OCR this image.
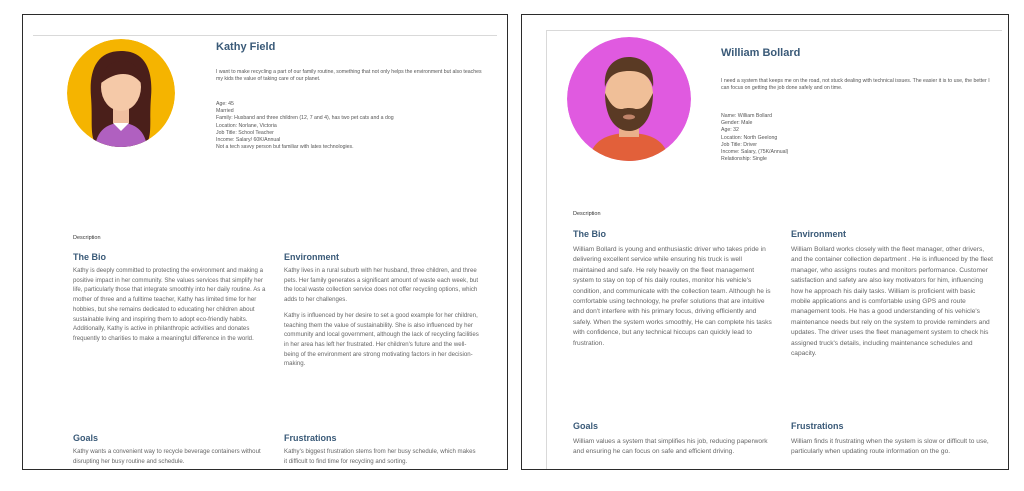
Kathy Field
I want to make recycling a part of our family routine, something that not only helps the environment but also teaches my kids the value of taking care of our planet.
Age: 45
Married
Family: Husband and three children (12, 7 and 4), has two pet cats and a dog
Location: Norlane, Victoria
Job Title: School Teacher
Income: Salary/ 60K/Annual
Not a tech savvy person but familiar with lates technologies.
Description
The Bio
Kathy is deeply committed to protecting the environment and making a positive impact in her community. She values services that simplify her life, particularly those that integrate smoothly into her daily routine. As a mother of three and a fulltime teacher, Kathy has limited time for her hobbies, but she remains dedicated to educating her children about sustainable living and inspiring them to adopt eco-friendly habits. Additionally, Kathy is active in philanthropic activities and donates frequently to charities to make a meaningful difference in the world.
Environment
Kathy lives in a rural suburb with her husband, three children, and three pets. Her family generates a significant amount of waste each week, but the local waste collection service does not offer recycling options, which adds to her challenges.
Kathy is influenced by her desire to set a good example for her children, teaching them the value of sustainability. She is also influenced by her community and local government, although the lack of recycling facilities in her area has left her frustrated. Her children's future and the well-being of the environment are strong motivating factors in her decision-making.
Goals
Kathy wants a convenient way to recycle beverage containers without disrupting her busy routine and schedule.
Frustrations
Kathy's biggest frustration stems from her busy schedule, which makes it difficult to find time for recycling and sorting.
William Bollard
I need a system that keeps me on the road, not stuck dealing with technical issues. The easier it is to use, the better I can focus on getting the job done safely and on time.
Name: William Bollard
Gender: Male
Age: 32
Location: North Geelong
Job Title: Driver
Income: Salary, (75K/Annual)
Relationship: Single
Description
The Bio
William Bollard is young and enthusiastic driver who takes pride in delivering excellent service while ensuring his truck is well maintained and safe. He rely heavily on the fleet management system to stay on top of his daily routes, monitor his vehicle's condition, and communicate with the collection team. Although he is comfortable using technology, he prefer solutions that are intuitive and don't interfere with his primary focus, driving efficiently and safely. When the system works smoothly, He can complete his tasks with confidence, but any technical hiccups can quickly lead to frustration.
Environment
William Bollard works closely with the fleet manager, other drivers, and the container collection department . He is influenced by the fleet manager, who assigns routes and monitors performance. Customer satisfaction and safety are also key motivators for him, influencing how he approach his daily tasks. William is proficient with basic mobile applications and is comfortable using GPS and route management tools. He has a good understanding of his vehicle's maintenance needs but rely on the system to provide reminders and updates. The driver uses the fleet management system to check his assigned truck's details, including maintenance schedules and capacity.
Goals
William values a system that simplifies his job, reducing paperwork and ensuring he can focus on safe and efficient driving.
Frustrations
William finds it frustrating when the system is slow or difficult to use, particularly when updating route information on the go.
